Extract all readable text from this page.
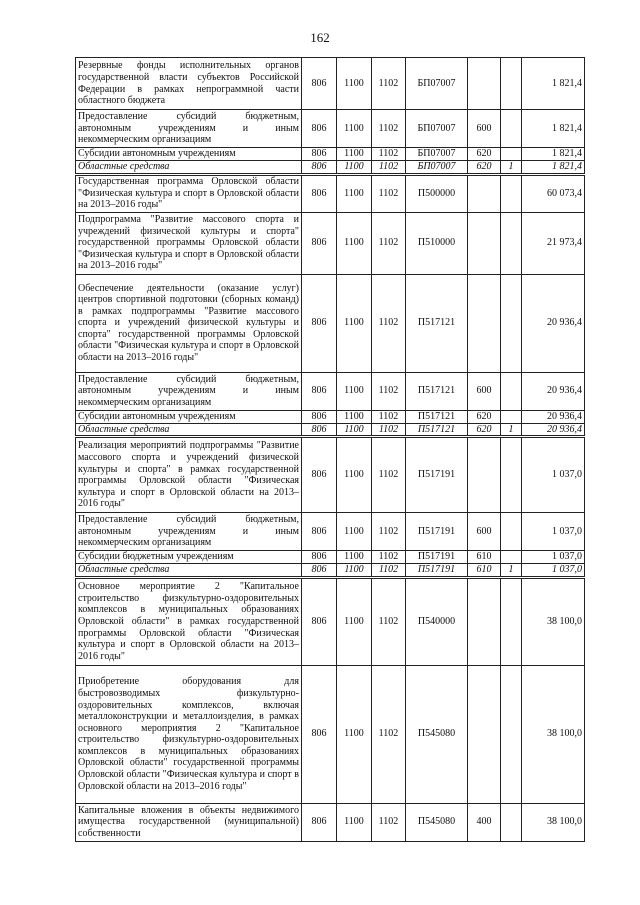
162
Резервные фонды исполнительных органов государственной власти субъектов Российской Федерации в рамках непрограммной части областного бюджета	806	1100	1102	БП07007			1 821,4
Предоставление субсидий бюджетным, автономным учреждениям и иным некоммерческим организациям	806	1100	1102	БП07007	600		1 821,4
Субсидии автономным учреждениям	806	1100	1102	БП07007	620		1 821,4
Областные средства	806	1100	1102	БП07007	620	1	1 821,4
Государственная программа Орловской области "Физическая культура и спорт в Орловской области на 2013–2016 годы"	806	1100	1102	П500000			60 073,4
Подпрограмма "Развитие массового спорта и учреждений физической культуры и спорта" государственной программы Орловской области "Физическая культура и спорт в Орловской области на 2013–2016 годы"	806	1100	1102	П510000			21 973,4
Обеспечение деятельности (оказание услуг) центров спортивной подготовки (сборных команд) в рамках подпрограммы "Развитие массового спорта и учреждений физической культуры и спорта" государственной программы Орловской области "Физическая культура и спорт в Орловской области на 2013–2016 годы"	806	1100	1102	П517121			20 936,4
Предоставление субсидий бюджетным, автономным учреждениям и иным некоммерческим организациям	806	1100	1102	П517121	600		20 936,4
Субсидии автономным учреждениям	806	1100	1102	П517121	620		20 936,4
Областные средства	806	1100	1102	П517121	620	1	20 936,4
Реализация мероприятий подпрограммы "Развитие массового спорта и учреждений физической культуры и спорта" в рамках государственной программы Орловской области "Физическая культура и спорт в Орловской области на 2013–2016 годы"	806	1100	1102	П517191			1 037,0
Предоставление субсидий бюджетным, автономным учреждениям и иным некоммерческим организациям	806	1100	1102	П517191	600		1 037,0
Субсидии бюджетным учреждениям	806	1100	1102	П517191	610		1 037,0
Областные средства	806	1100	1102	П517191	610	1	1 037,0
Основное мероприятие 2 "Капитальное строительство физкультурно-оздоровительных комплексов в муниципальных образованиях Орловской области" в рамках государственной программы Орловской области "Физическая культура и спорт в Орловской области на 2013–2016 годы"	806	1100	1102	П540000			38 100,0
Приобретение оборудования для быстровозводимых физкультурно-оздоровительных комплексов, включая металлоконструкции и металлоизделия, в рамках основного мероприятия 2 "Капитальное строительство физкультурно-оздоровительных комплексов в муниципальных образованиях Орловской области" государственной программы Орловской области "Физическая культура и спорт в Орловской области на 2013–2016 годы"	806	1100	1102	П545080			38 100,0
Капитальные вложения в объекты недвижимого имущества государственной (муниципальной) собственности	806	1100	1102	П545080	400		38 100,0
